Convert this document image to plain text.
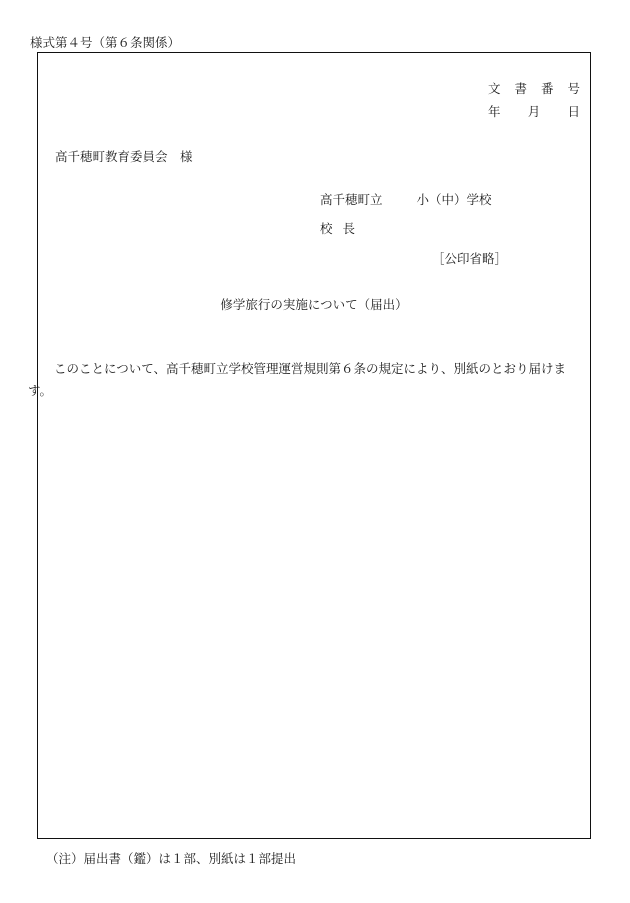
様式第４号（第６条関係）
文 書 番 号
年 月 日
高千穂町教育委員会　様
高千穂町立	小（中）学校
校 長
［公印省略］
修学旅行の実施について（届出）
このことについて、高千穂町立学校管理運営規則第６条の規定により、別紙のとおり届けます。
（注）届出書（鑑）は１部、別紙は１部提出
